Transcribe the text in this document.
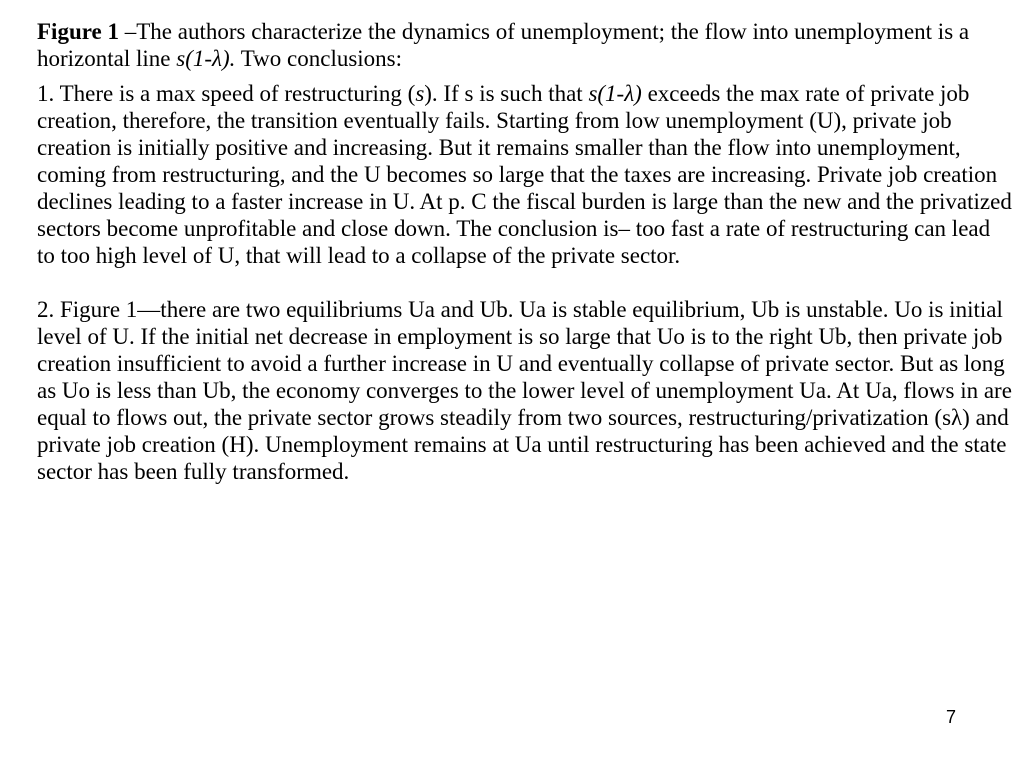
Figure 1 –The authors characterize the dynamics of unemployment; the flow into unemployment is a horizontal line s(1-λ). Two conclusions:

1. There is a max speed of restructuring (s). If s is such that s(1-λ) exceeds the max rate of private job creation, therefore, the transition eventually fails. Starting from low unemployment (U), private job creation is initially positive and increasing. But it remains smaller than the flow into unemployment, coming from restructuring, and the U becomes so large that the taxes are increasing. Private job creation declines leading to a faster increase in U. At p. C the fiscal burden is large than the new and the privatized sectors become unprofitable and close down. The conclusion is– too fast a rate of restructuring can lead to too high level of U, that will lead to a collapse of the private sector.

2. Figure 1—there are two equilibriums Ua and Ub. Ua is stable equilibrium, Ub is unstable. Uo is initial level of U. If the initial net decrease in employment is so large that Uo is to the right Ub, then private job creation insufficient to avoid a further increase in U and eventually collapse of private sector. But as long as Uo is less than Ub, the economy converges to the lower level of unemployment Ua. At Ua, flows in are equal to flows out, the private sector grows steadily from two sources, restructuring/privatization (sλ) and private job creation (H). Unemployment remains at Ua until restructuring has been achieved and the state sector has been fully transformed.

7
